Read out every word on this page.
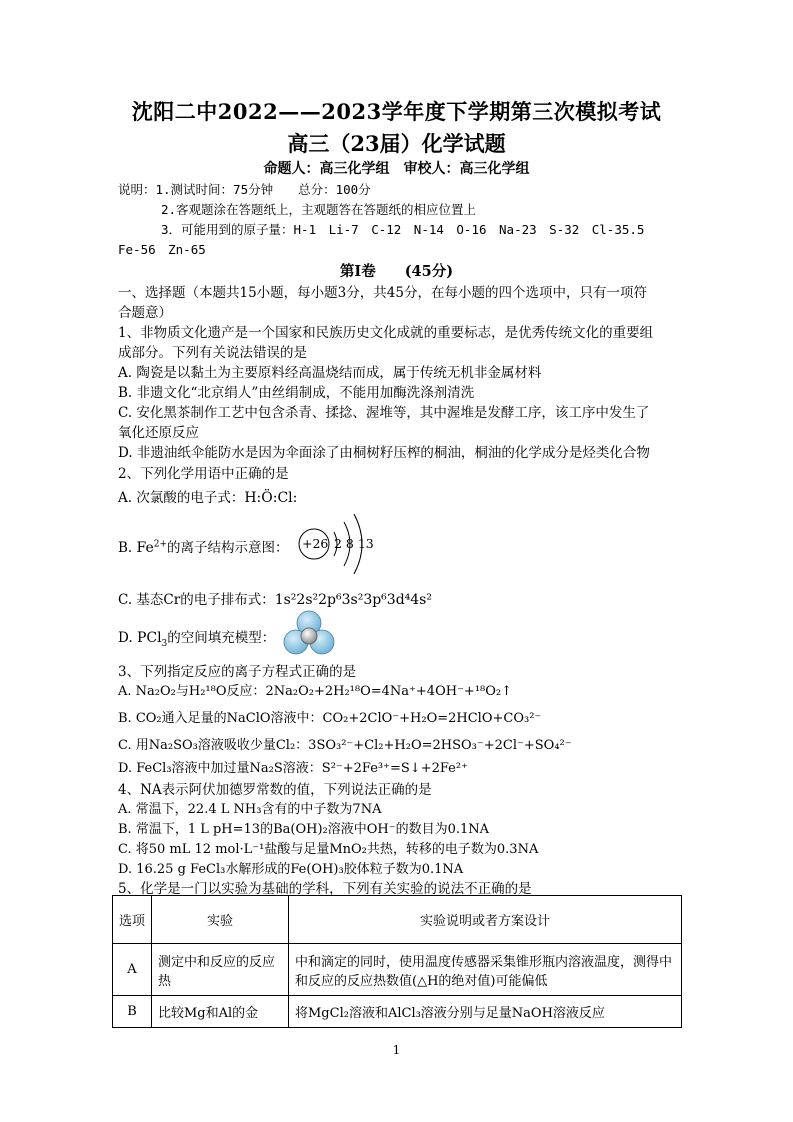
沈阳二中2022——2023学年度下学期第三次模拟考试
高三（23届）化学试题
命题人：高三化学组　审校人：高三化学组
说明：1.测试时间：75分钟　　总分：100分
2.客观题涂在答题纸上，主观题答在答题纸的相应位置上
3．可能用到的原子量：H-1　Li-7　C-12　N-14　O-16　Na-23　S-32　Cl-35.5
Fe-56　Zn-65
第Ⅰ卷　　(45分)
一、选择题（本题共15小题，每小题3分，共45分，在每小题的四个选项中，只有一项符
合题意）
1、非物质文化遗产是一个国家和民族历史文化成就的重要标志，是优秀传统文化的重要组
成部分。下列有关说法错误的是
A. 陶瓷是以黏土为主要原料经高温烧结而成，属于传统无机非金属材料
B. 非遗文化“北京绢人”由丝绢制成，不能用加酶洗涤剂清洗
C. 安化黑茶制作工艺中包含杀青、揉捻、渥堆等，其中渥堆是发酵工序，该工序中发生了
氧化还原反应
D. 非遗油纸伞能防水是因为伞面涂了由桐树籽压榨的桐油，桐油的化学成分是烃类化合物
2、下列化学用语中正确的是
A. 次氯酸的电子式：H:Ö:Cl:
B. $Fe^{2+}$的离子结构示意图： +26 2 8 13
C. 基态Cr的电子排布式：1s²2s²2p⁶3s²3p⁶3d⁴4s²
D. PCl$_3$的空间填充模型：
3、下列指定反应的离子方程式正确的是
A. Na₂O₂与H₂¹⁸O反应：2Na₂O₂+2H₂¹⁸O=4Na⁺+4OH⁻+¹⁸O₂↑
B. CO₂通入足量的NaClO溶液中：CO₂+2ClO⁻+H₂O=2HClO+CO₃²⁻
C. 用Na₂SO₃溶液吸收少量Cl₂：3SO₃²⁻+Cl₂+H₂O=2HSO₃⁻+2Cl⁻+SO₄²⁻
D. FeCl₃溶液中加过量Na₂S溶液：S²⁻+2Fe³⁺=S↓+2Fe²⁺
4、NA表示阿伏加德罗常数的值，下列说法正确的是
A. 常温下，22.4 L NH₃含有的中子数为7NA
B. 常温下，1 L pH=13的Ba(OH)₂溶液中OH⁻的数目为0.1NA
C. 将50 mL 12 mol·L⁻¹盐酸与足量MnO₂共热，转移的电子数为0.3NA
D. 16.25 g FeCl₃水解形成的Fe(OH)₃胶体粒子数为0.1NA
5、化学是一门以实验为基础的学科，下列有关实验的说法不正确的是
选项	实验	实验说明或者方案设计
A	测定中和反应的反应热	中和滴定的同时，使用温度传感器采集锥形瓶内溶液温度，测得中和反应的反应热数值(△H的绝对值)可能偏低
B	比较Mg和Al的金	将MgCl₂溶液和AlCl₃溶液分别与足量NaOH溶液反应
1
